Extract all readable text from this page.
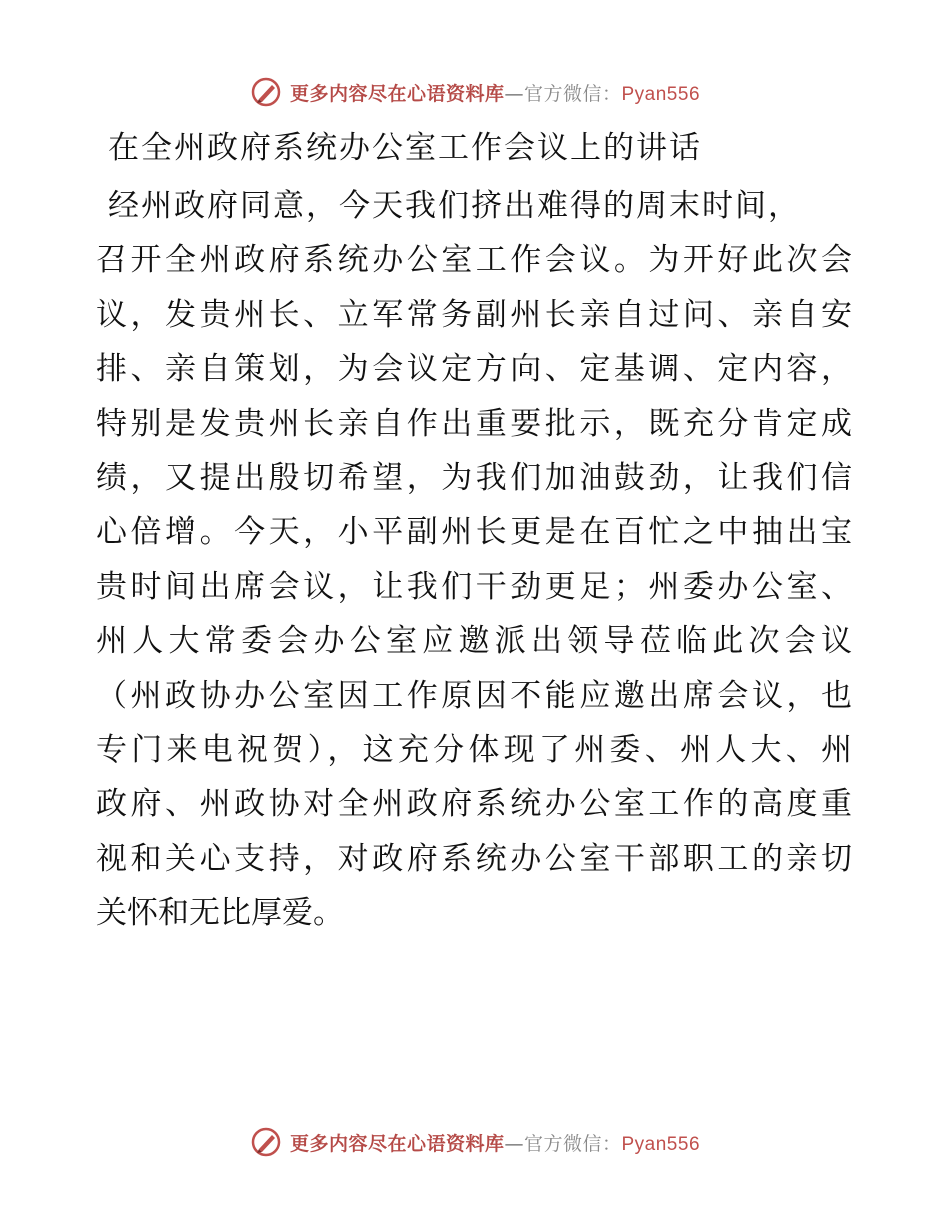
更多内容尽在心语资料库—官方微信：Pyan556
在全州政府系统办公室工作会议上的讲话
经州政府同意，今天我们挤出难得的周末时间，
召开全州政府系统办公室工作会议。为开好此次会
议，发贵州长、立军常务副州长亲自过问、亲自安
排、亲自策划，为会议定方向、定基调、定内容，
特别是发贵州长亲自作出重要批示，既充分肯定成
绩，又提出殷切希望，为我们加油鼓劲，让我们信
心倍增。今天，小平副州长更是在百忙之中抽出宝
贵时间出席会议，让我们干劲更足；州委办公室、
州人大常委会办公室应邀派出领导莅临此次会议
（州政协办公室因工作原因不能应邀出席会议，也
专门来电祝贺），这充分体现了州委、州人大、州
政府、州政协对全州政府系统办公室工作的高度重
视和关心支持，对政府系统办公室干部职工的亲切
关怀和无比厚爱。
更多内容尽在心语资料库—官方微信：Pyan556
